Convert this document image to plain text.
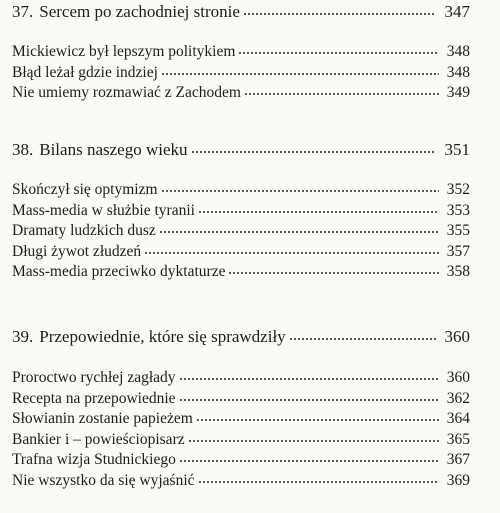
37. Sercem po zachodniej stronie	347
Mickiewicz był lepszym politykiem	348
Błąd leżał gdzie indziej	348
Nie umiemy rozmawiać z Zachodem	349
38. Bilans naszego wieku	351
Skończył się optymizm	352
Mass-media w służbie tyranii	353
Dramaty ludzkich dusz	355
Długi żywot złudzeń	357
Mass-media przeciwko dyktaturze	358
39. Przepowiednie, które się sprawdziły	360
Proroctwo rychłej zagłady	360
Recepta na przepowiednie	362
Słowianin zostanie papieżem	364
Bankier i – powieściopisarz	365
Trafna wizja Studnickiego	367
Nie wszystko da się wyjaśnić	369
